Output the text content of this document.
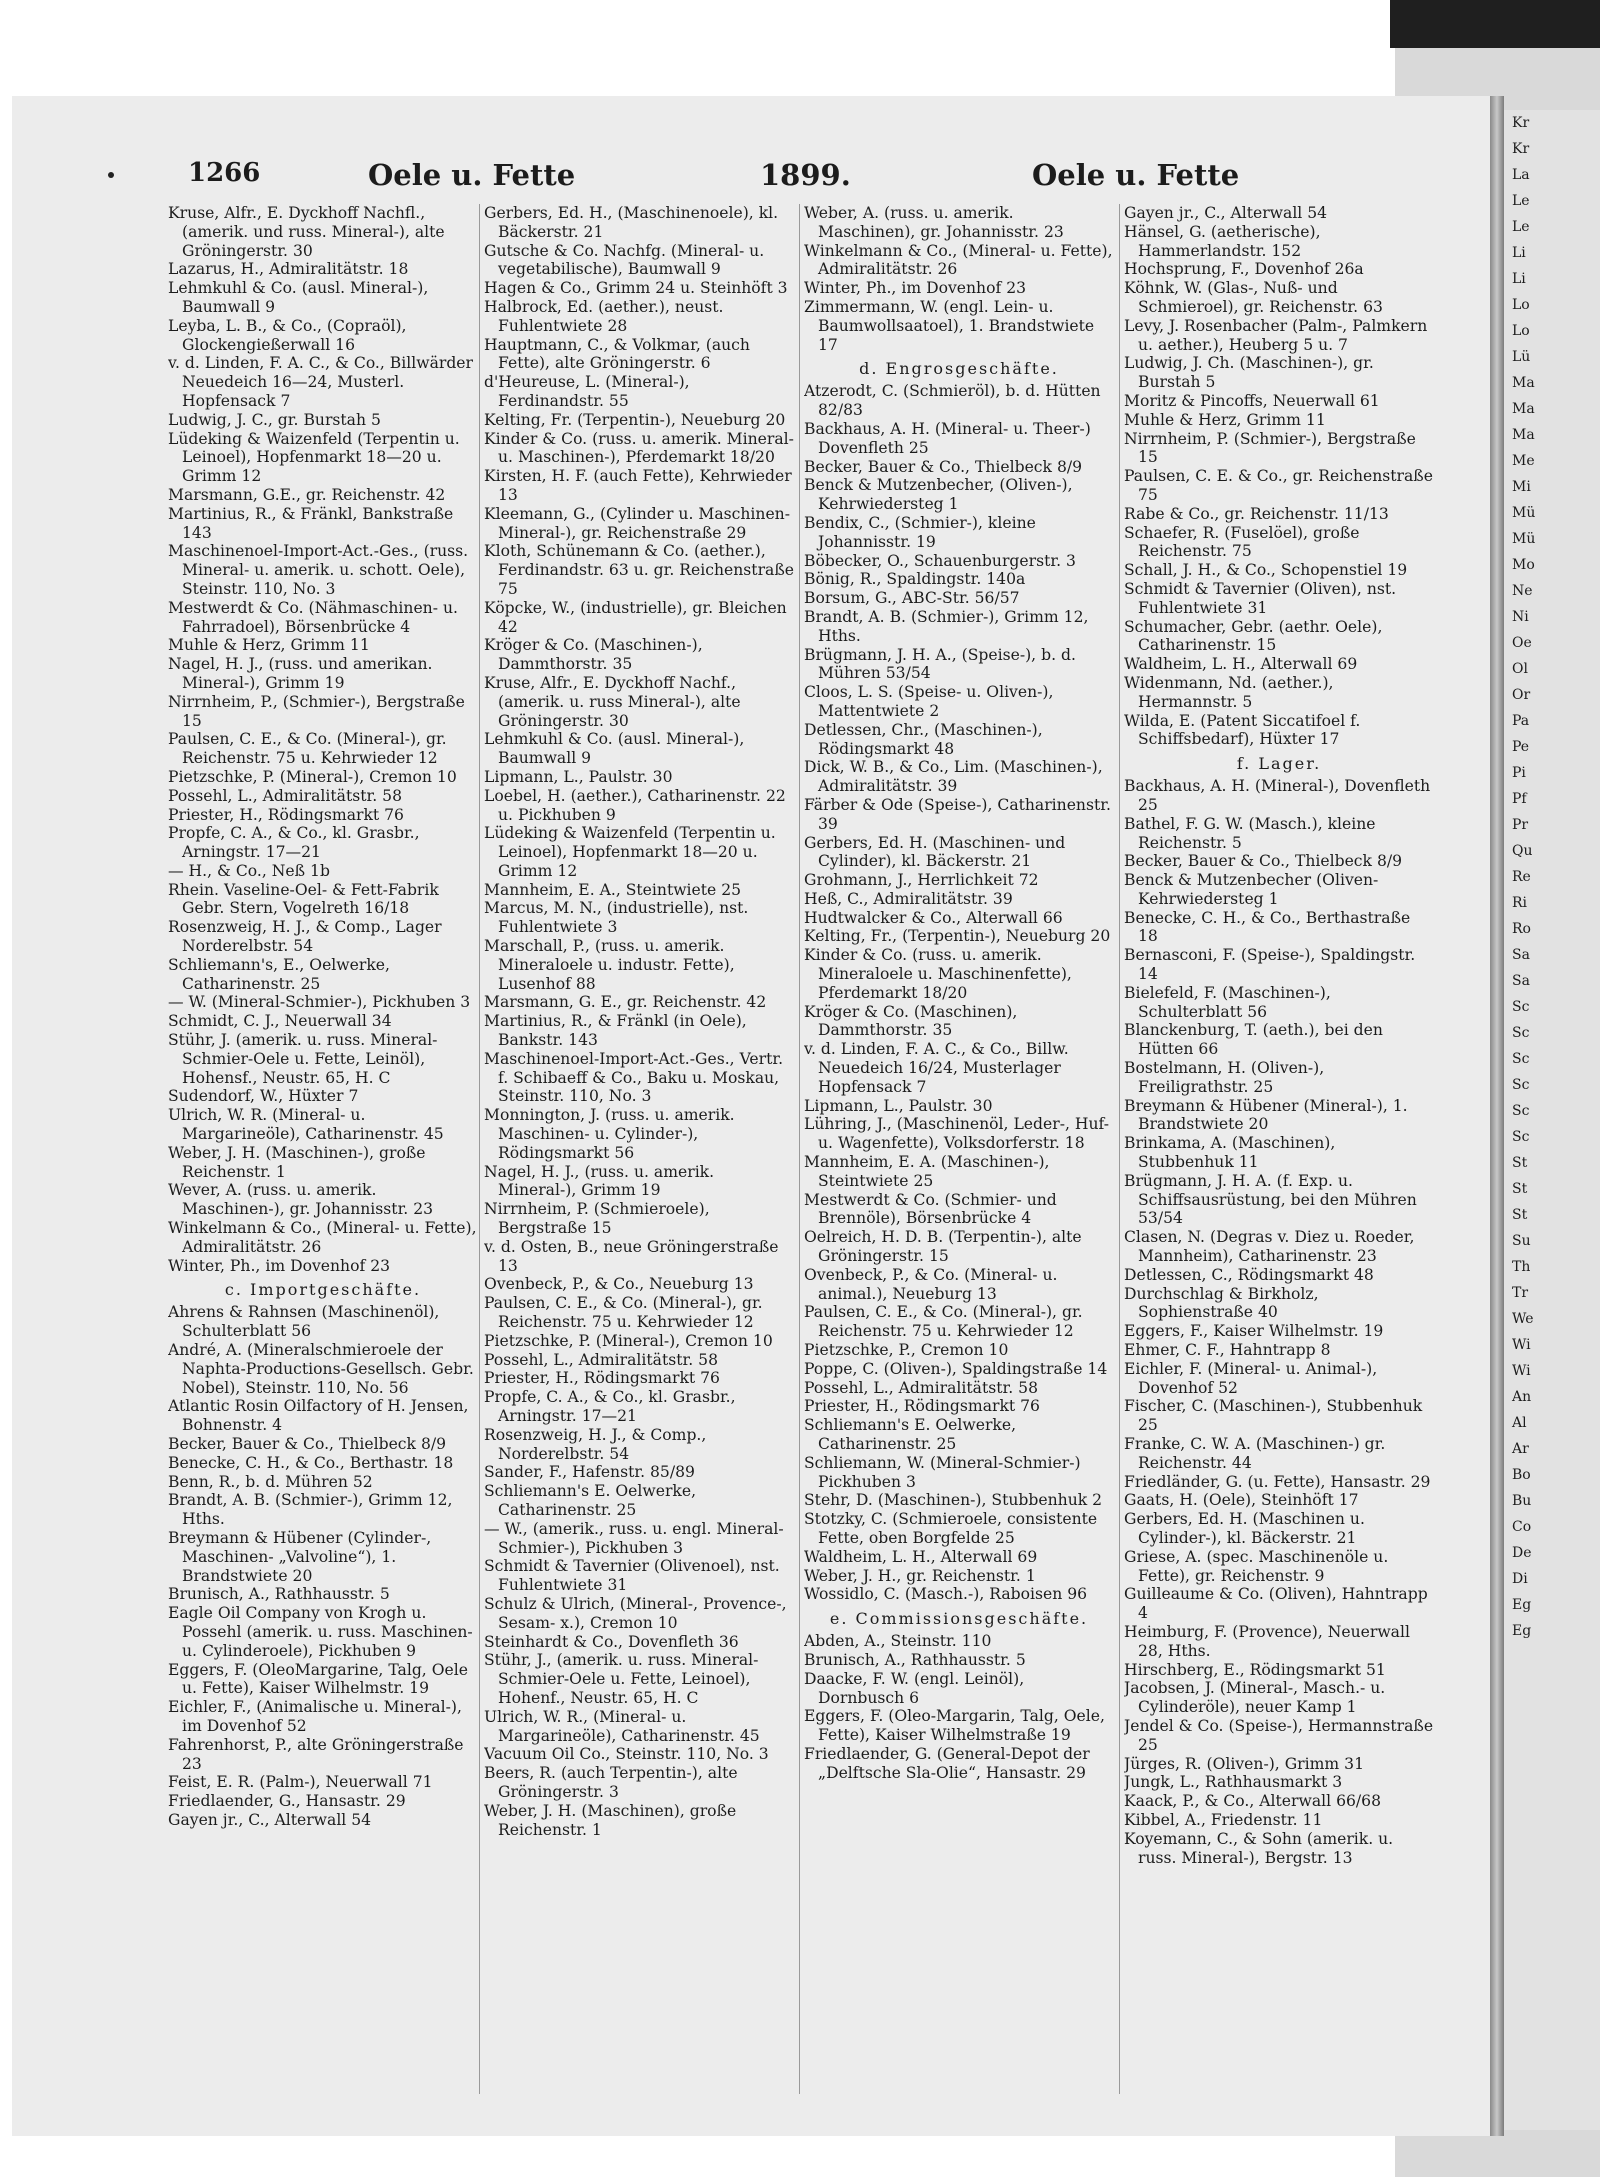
Kr
Kr
La
Le
Le
Li
Li
Lo
Lo
Lü
Ma
Ma
Ma
Me
Mi
Mü
Mü
Mo
Ne
Ni
Oe
Ol
Or
Pa
Pe
Pi
Pf
Pr
Qu
Re
Ri
Ro
Sa
Sa
Sc
Sc
Sc
Sc
Sc
Sc
St
St
St
Su
Th
Tr
We
Wi
Wi
An
Al
Ar
Bo
Bu
Co
De
Di
Eg
Eg
1266	Oele u. Fette	1899.	Oele u. Fette
Kruse, Alfr., E. Dyckhoff Nachfl., (amerik. und russ. Mineral-), alte Gröningerstr. 30
Lazarus, H., Admiralitätstr. 18
Lehmkuhl & Co. (ausl. Mineral-), Baumwall 9
Leyba, L. B., & Co., (Copraöl), Glockengießerwall 16
v. d. Linden, F. A. C., & Co., Billwärder Neuedeich 16—24, Musterl. Hopfensack 7
Ludwig, J. C., gr. Burstah 5
Lüdeking & Waizenfeld (Terpentin u. Leinoel), Hopfenmarkt 18—20 u. Grimm 12
Marsmann, G.E., gr. Reichenstr. 42
Martinius, R., & Fränkl, Bankstraße 143
Maschinenoel-Import-Act.-Ges., (russ. Mineral- u. amerik. u. schott. Oele), Steinstr. 110, No. 3
Mestwerdt & Co. (Nähmaschinen- u. Fahrradoel), Börsenbrücke 4
Muhle & Herz, Grimm 11
Nagel, H. J., (russ. und amerikan. Mineral-), Grimm 19
Nirrnheim, P., (Schmier-), Bergstraße 15
Paulsen, C. E., & Co. (Mineral-), gr. Reichenstr. 75 u. Kehrwieder 12
Pietzschke, P. (Mineral-), Cremon 10
Possehl, L., Admiralitätstr. 58
Priester, H., Rödingsmarkt 76
Propfe, C. A., & Co., kl. Grasbr., Arningstr. 17—21
— H., & Co., Neß 1b
Rhein. Vaseline-Oel- & Fett-Fabrik Gebr. Stern, Vogelreth 16/18
Rosenzweig, H. J., & Comp., Lager Norderelbstr. 54
Schliemann's, E., Oelwerke, Catharinenstr. 25
— W. (Mineral-Schmier-), Pickhuben 3
Schmidt, C. J., Neuerwall 34
Stühr, J. (amerik. u. russ. Mineral-Schmier-Oele u. Fette, Leinöl), Hohensf., Neustr. 65, H. C
Sudendorf, W., Hüxter 7
Ulrich, W. R. (Mineral- u. Margarineöle), Catharinenstr. 45
Weber, J. H. (Maschinen-), große Reichenstr. 1
Wever, A. (russ. u. amerik. Maschinen-), gr. Johannisstr. 23
Winkelmann & Co., (Mineral- u. Fette), Admiralitätstr. 26
Winter, Ph., im Dovenhof 23
c. Importgeschäfte.
Ahrens & Rahnsen (Maschinenöl), Schulterblatt 56
André, A. (Mineralschmieroele der Naphta-Productions-Gesellsch. Gebr. Nobel), Steinstr. 110, No. 56
Atlantic Rosin Oilfactory of H. Jensen, Bohnenstr. 4
Becker, Bauer & Co., Thielbeck 8/9
Benecke, C. H., & Co., Berthastr. 18
Benn, R., b. d. Mühren 52
Brandt, A. B. (Schmier-), Grimm 12, Hths.
Breymann & Hübener (Cylinder-, Maschinen- „Valvoline“), 1. Brandstwiete 20
Brunisch, A., Rathhausstr. 5
Eagle Oil Company von Krogh u. Possehl (amerik. u. russ. Maschinen- u. Cylinderoele), Pickhuben 9
Eggers, F. (OleoMargarine, Talg, Oele u. Fette), Kaiser Wilhelmstr. 19
Eichler, F., (Animalische u. Mineral-), im Dovenhof 52
Fahrenhorst, P., alte Gröningerstraße 23
Feist, E. R. (Palm-), Neuerwall 71
Friedlaender, G., Hansastr. 29
Gayen jr., C., Alterwall 54
Gerbers, Ed. H., (Maschinenoele), kl. Bäckerstr. 21
Gutsche & Co. Nachfg. (Mineral- u. vegetabilische), Baumwall 9
Hagen & Co., Grimm 24 u. Steinhöft 3
Halbrock, Ed. (aether.), neust. Fuhlentwiete 28
Hauptmann, C., & Volkmar, (auch Fette), alte Gröningerstr. 6
d'Heureuse, L. (Mineral-), Ferdinandstr. 55
Kelting, Fr. (Terpentin-), Neueburg 20
Kinder & Co. (russ. u. amerik. Mineral- u. Maschinen-), Pferdemarkt 18/20
Kirsten, H. F. (auch Fette), Kehrwieder 13
Kleemann, G., (Cylinder u. Maschinen-Mineral-), gr. Reichenstraße 29
Kloth, Schünemann & Co. (aether.), Ferdinandstr. 63 u. gr. Reichenstraße 75
Köpcke, W., (industrielle), gr. Bleichen 42
Kröger & Co. (Maschinen-), Dammthorstr. 35
Kruse, Alfr., E. Dyckhoff Nachf., (amerik. u. russ Mineral-), alte Gröningerstr. 30
Lehmkuhl & Co. (ausl. Mineral-), Baumwall 9
Lipmann, L., Paulstr. 30
Loebel, H. (aether.), Catharinenstr. 22 u. Pickhuben 9
Lüdeking & Waizenfeld (Terpentin u. Leinoel), Hopfenmarkt 18—20 u. Grimm 12
Mannheim, E. A., Steintwiete 25
Marcus, M. N., (industrielle), nst. Fuhlentwiete 3
Marschall, P., (russ. u. amerik. Mineraloele u. industr. Fette), Lusenhof 88
Marsmann, G. E., gr. Reichenstr. 42
Martinius, R., & Fränkl (in Oele), Bankstr. 143
Maschinenoel-Import-Act.-Ges., Vertr. f. Schibaeff & Co., Baku u. Moskau, Steinstr. 110, No. 3
Monnington, J. (russ. u. amerik. Maschinen- u. Cylinder-), Rödingsmarkt 56
Nagel, H. J., (russ. u. amerik. Mineral-), Grimm 19
Nirrnheim, P. (Schmieroele), Bergstraße 15
v. d. Osten, B., neue Gröningerstraße 13
Ovenbeck, P., & Co., Neueburg 13
Paulsen, C. E., & Co. (Mineral-), gr. Reichenstr. 75 u. Kehrwieder 12
Pietzschke, P. (Mineral-), Cremon 10
Possehl, L., Admiralitätstr. 58
Priester, H., Rödingsmarkt 76
Propfe, C. A., & Co., kl. Grasbr., Arningstr. 17—21
Rosenzweig, H. J., & Comp., Norderelbstr. 54
Sander, F., Hafenstr. 85/89
Schliemann's E. Oelwerke, Catharinenstr. 25
— W., (amerik., russ. u. engl. Mineral-Schmier-), Pickhuben 3
Schmidt & Tavernier (Olivenoel), nst. Fuhlentwiete 31
Schulz & Ulrich, (Mineral-, Provence-, Sesam- x.), Cremon 10
Steinhardt & Co., Dovenfleth 36
Stühr, J., (amerik. u. russ. Mineral-Schmier-Oele u. Fette, Leinoel), Hohenf., Neustr. 65, H. C
Ulrich, W. R., (Mineral- u. Margarineöle), Catharinenstr. 45
Vacuum Oil Co., Steinstr. 110, No. 3
Beers, R. (auch Terpentin-), alte Gröningerstr. 3
Weber, J. H. (Maschinen), große Reichenstr. 1
Weber, A. (russ. u. amerik. Maschinen), gr. Johannisstr. 23
Winkelmann & Co., (Mineral- u. Fette), Admiralitätstr. 26
Winter, Ph., im Dovenhof 23
Zimmermann, W. (engl. Lein- u. Baumwollsaatoel), 1. Brandstwiete 17
d. Engrosgeschäfte.
Atzerodt, C. (Schmieröl), b. d. Hütten 82/83
Backhaus, A. H. (Mineral- u. Theer-) Dovenfleth 25
Becker, Bauer & Co., Thielbeck 8/9
Benck & Mutzenbecher, (Oliven-), Kehrwiedersteg 1
Bendix, C., (Schmier-), kleine Johannisstr. 19
Böbecker, O., Schauenburgerstr. 3
Bönig, R., Spaldingstr. 140a
Borsum, G., ABC-Str. 56/57
Brandt, A. B. (Schmier-), Grimm 12, Hths.
Brügmann, J. H. A., (Speise-), b. d. Mühren 53/54
Cloos, L. S. (Speise- u. Oliven-), Mattentwiete 2
Detlessen, Chr., (Maschinen-), Rödingsmarkt 48
Dick, W. B., & Co., Lim. (Maschinen-), Admiralitätstr. 39
Färber & Ode (Speise-), Catharinenstr. 39
Gerbers, Ed. H. (Maschinen- und Cylinder), kl. Bäckerstr. 21
Grohmann, J., Herrlichkeit 72
Heß, C., Admiralitätstr. 39
Hudtwalcker & Co., Alterwall 66
Kelting, Fr., (Terpentin-), Neueburg 20
Kinder & Co. (russ. u. amerik. Mineraloele u. Maschinenfette), Pferdemarkt 18/20
Kröger & Co. (Maschinen), Dammthorstr. 35
v. d. Linden, F. A. C., & Co., Billw. Neuedeich 16/24, Musterlager Hopfensack 7
Lipmann, L., Paulstr. 30
Lühring, J., (Maschinenöl, Leder-, Huf- u. Wagenfette), Volksdorferstr. 18
Mannheim, E. A. (Maschinen-), Steintwiete 25
Mestwerdt & Co. (Schmier- und Brennöle), Börsenbrücke 4
Oelreich, H. D. B. (Terpentin-), alte Gröningerstr. 15
Ovenbeck, P., & Co. (Mineral- u. animal.), Neueburg 13
Paulsen, C. E., & Co. (Mineral-), gr. Reichenstr. 75 u. Kehrwieder 12
Pietzschke, P., Cremon 10
Poppe, C. (Oliven-), Spaldingstraße 14
Possehl, L., Admiralitätstr. 58
Priester, H., Rödingsmarkt 76
Schliemann's E. Oelwerke, Catharinenstr. 25
Schliemann, W. (Mineral-Schmier-) Pickhuben 3
Stehr, D. (Maschinen-), Stubbenhuk 2
Stotzky, C. (Schmieroele, consistente Fette, oben Borgfelde 25
Waldheim, L. H., Alterwall 69
Weber, J. H., gr. Reichenstr. 1
Wossidlo, C. (Masch.-), Raboisen 96
e. Commissionsgeschäfte.
Abden, A., Steinstr. 110
Brunisch, A., Rathhausstr. 5
Daacke, F. W. (engl. Leinöl), Dornbusch 6
Eggers, F. (Oleo-Margarin, Talg, Oele, Fette), Kaiser Wilhelmstraße 19
Friedlaender, G. (General-Depot der „Delftsche Sla-Olie“, Hansastr. 29
Gayen jr., C., Alterwall 54
Hänsel, G. (aetherische), Hammerlandstr. 152
Hochsprung, F., Dovenhof 26a
Köhnk, W. (Glas-, Nuß- und Schmieroel), gr. Reichenstr. 63
Levy, J. Rosenbacher (Palm-, Palmkern u. aether.), Heuberg 5 u. 7
Ludwig, J. Ch. (Maschinen-), gr. Burstah 5
Moritz & Pincoffs, Neuerwall 61
Muhle & Herz, Grimm 11
Nirrnheim, P. (Schmier-), Bergstraße 15
Paulsen, C. E. & Co., gr. Reichenstraße 75
Rabe & Co., gr. Reichenstr. 11/13
Schaefer, R. (Fuselöel), große Reichenstr. 75
Schall, J. H., & Co., Schopenstiel 19
Schmidt & Tavernier (Oliven), nst. Fuhlentwiete 31
Schumacher, Gebr. (aethr. Oele), Catharinenstr. 15
Waldheim, L. H., Alterwall 69
Widenmann, Nd. (aether.), Hermannstr. 5
Wilda, E. (Patent Siccatifoel f. Schiffsbedarf), Hüxter 17
f. Lager.
Backhaus, A. H. (Mineral-), Dovenfleth 25
Bathel, F. G. W. (Masch.), kleine Reichenstr. 5
Becker, Bauer & Co., Thielbeck 8/9
Benck & Mutzenbecher (Oliven-Kehrwiedersteg 1
Benecke, C. H., & Co., Berthastraße 18
Bernasconi, F. (Speise-), Spaldingstr. 14
Bielefeld, F. (Maschinen-), Schulterblatt 56
Blanckenburg, T. (aeth.), bei den Hütten 66
Bostelmann, H. (Oliven-), Freiligrathstr. 25
Breymann & Hübener (Mineral-), 1. Brandstwiete 20
Brinkama, A. (Maschinen), Stubbenhuk 11
Brügmann, J. H. A. (f. Exp. u. Schiffsausrüstung, bei den Mühren 53/54
Clasen, N. (Degras v. Diez u. Roeder, Mannheim), Catharinenstr. 23
Detlessen, C., Rödingsmarkt 48
Durchschlag & Birkholz, Sophienstraße 40
Eggers, F., Kaiser Wilhelmstr. 19
Ehmer, C. F., Hahntrapp 8
Eichler, F. (Mineral- u. Animal-), Dovenhof 52
Fischer, C. (Maschinen-), Stubbenhuk 25
Franke, C. W. A. (Maschinen-) gr. Reichenstr. 44
Friedländer, G. (u. Fette), Hansastr. 29
Gaats, H. (Oele), Steinhöft 17
Gerbers, Ed. H. (Maschinen u. Cylinder-), kl. Bäckerstr. 21
Griese, A. (spec. Maschinenöle u. Fette), gr. Reichenstr. 9
Guilleaume & Co. (Oliven), Hahntrapp 4
Heimburg, F. (Provence), Neuerwall 28, Hths.
Hirschberg, E., Rödingsmarkt 51
Jacobsen, J. (Mineral-, Masch.- u. Cylinderöle), neuer Kamp 1
Jendel & Co. (Speise-), Hermannstraße 25
Jürges, R. (Oliven-), Grimm 31
Jungk, L., Rathhausmarkt 3
Kaack, P., & Co., Alterwall 66/68
Kibbel, A., Friedenstr. 11
Koyemann, C., & Sohn (amerik. u. russ. Mineral-), Bergstr. 13
